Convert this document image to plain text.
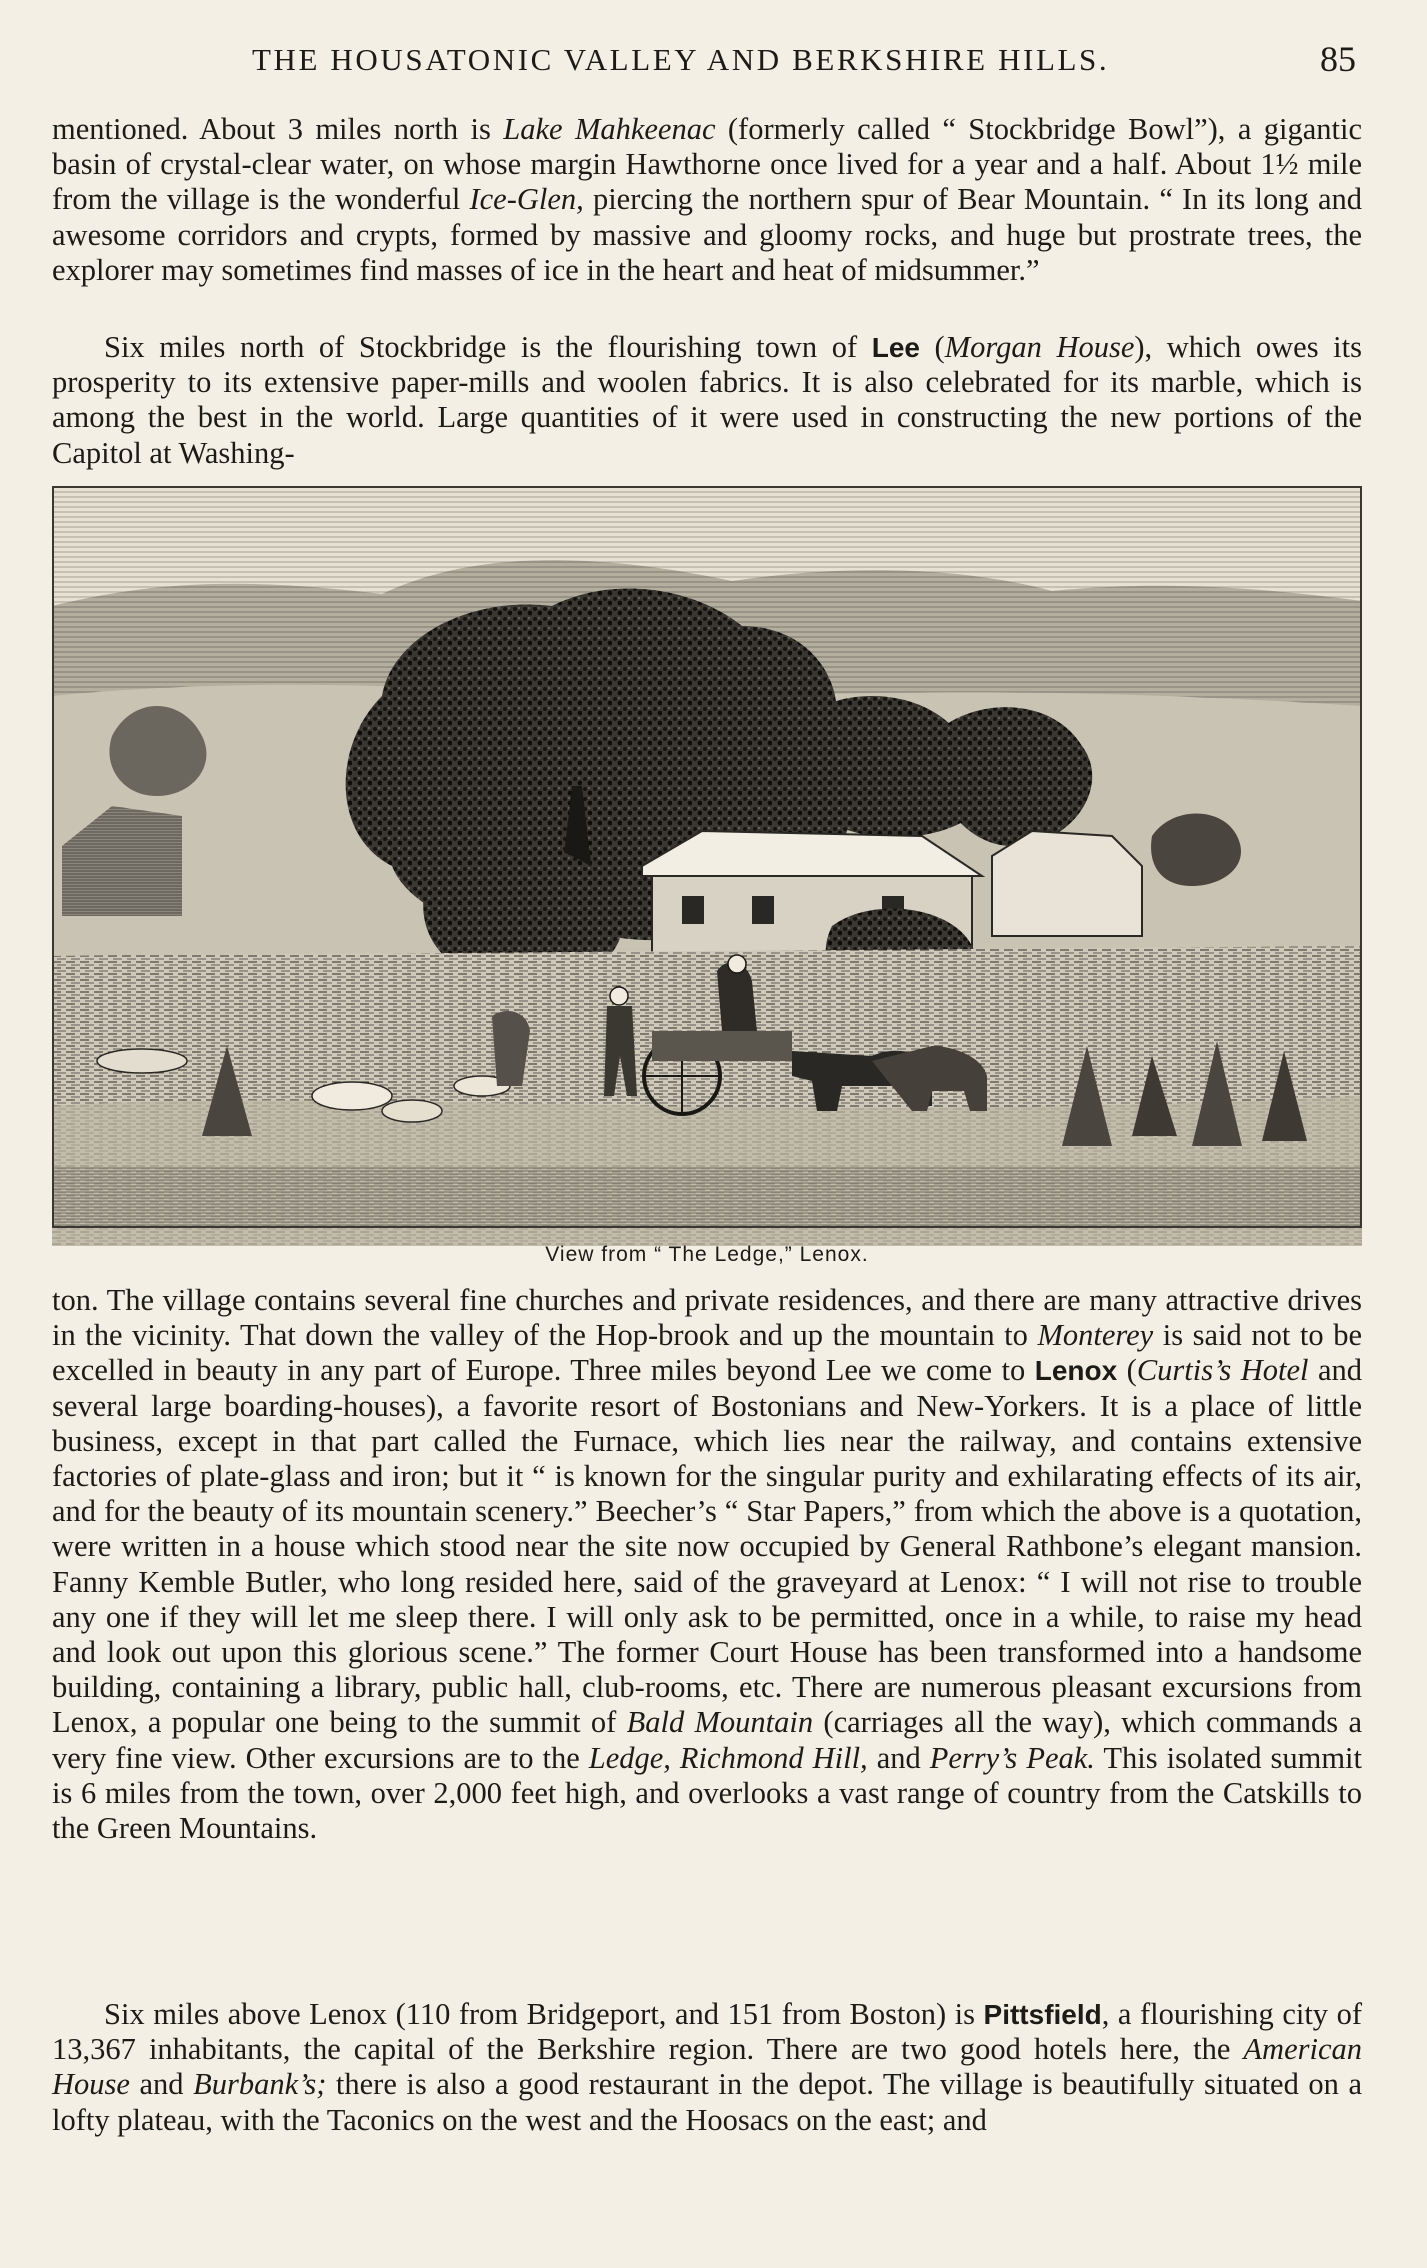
THE HOUSATONIC VALLEY AND BERKSHIRE HILLS.	85

mentioned. About 3 miles north is Lake Mahkeenac (formerly called “ Stockbridge Bowl”), a gigantic basin of crystal-clear water, on whose margin Hawthorne once lived for a year and a half. About 1½ mile from the village is the wonderful Ice-Glen, piercing the northern spur of Bear Mountain. “ In its long and awesome corridors and crypts, formed by massive and gloomy rocks, and huge but prostrate trees, the explorer may sometimes find masses of ice in the heart and heat of midsummer.”

Six miles north of Stockbridge is the flourishing town of Lee (Morgan House), which owes its prosperity to its extensive paper-mills and woolen fabrics. It is also celebrated for its marble, which is among the best in the world. Large quantities of it were used in constructing the new portions of the Capitol at Washing-

View from “ The Ledge,” Lenox.

ton. The village contains several fine churches and private residences, and there are many attractive drives in the vicinity. That down the valley of the Hop-brook and up the mountain to Monterey is said not to be excelled in beauty in any part of Europe. Three miles beyond Lee we come to Lenox (Curtis’s Hotel and several large boarding-houses), a favorite resort of Bostonians and New-Yorkers. It is a place of little business, except in that part called the Furnace, which lies near the railway, and contains extensive factories of plate-glass and iron; but it “ is known for the singular purity and exhilarating effects of its air, and for the beauty of its mountain scenery.” Beecher’s “ Star Papers,” from which the above is a quotation, were written in a house which stood near the site now occupied by General Rathbone’s elegant mansion. Fanny Kemble Butler, who long resided here, said of the graveyard at Lenox: “ I will not rise to trouble any one if they will let me sleep there. I will only ask to be permitted, once in a while, to raise my head and look out upon this glorious scene.” The former Court House has been transformed into a handsome building, containing a library, public hall, club-rooms, etc. There are numerous pleasant excursions from Lenox, a popular one being to the summit of Bald Mountain (carriages all the way), which commands a very fine view. Other excursions are to the Ledge, Richmond Hill, and Perry’s Peak. This isolated summit is 6 miles from the town, over 2,000 feet high, and overlooks a vast range of country from the Catskills to the Green Mountains.

Six miles above Lenox (110 from Bridgeport, and 151 from Boston) is Pittsfield, a flourishing city of 13,367 inhabitants, the capital of the Berkshire region. There are two good hotels here, the American House and Burbank’s; there is also a good restaurant in the depot. The village is beautifully situated on a lofty plateau, with the Taconics on the west and the Hoosacs on the east; and
